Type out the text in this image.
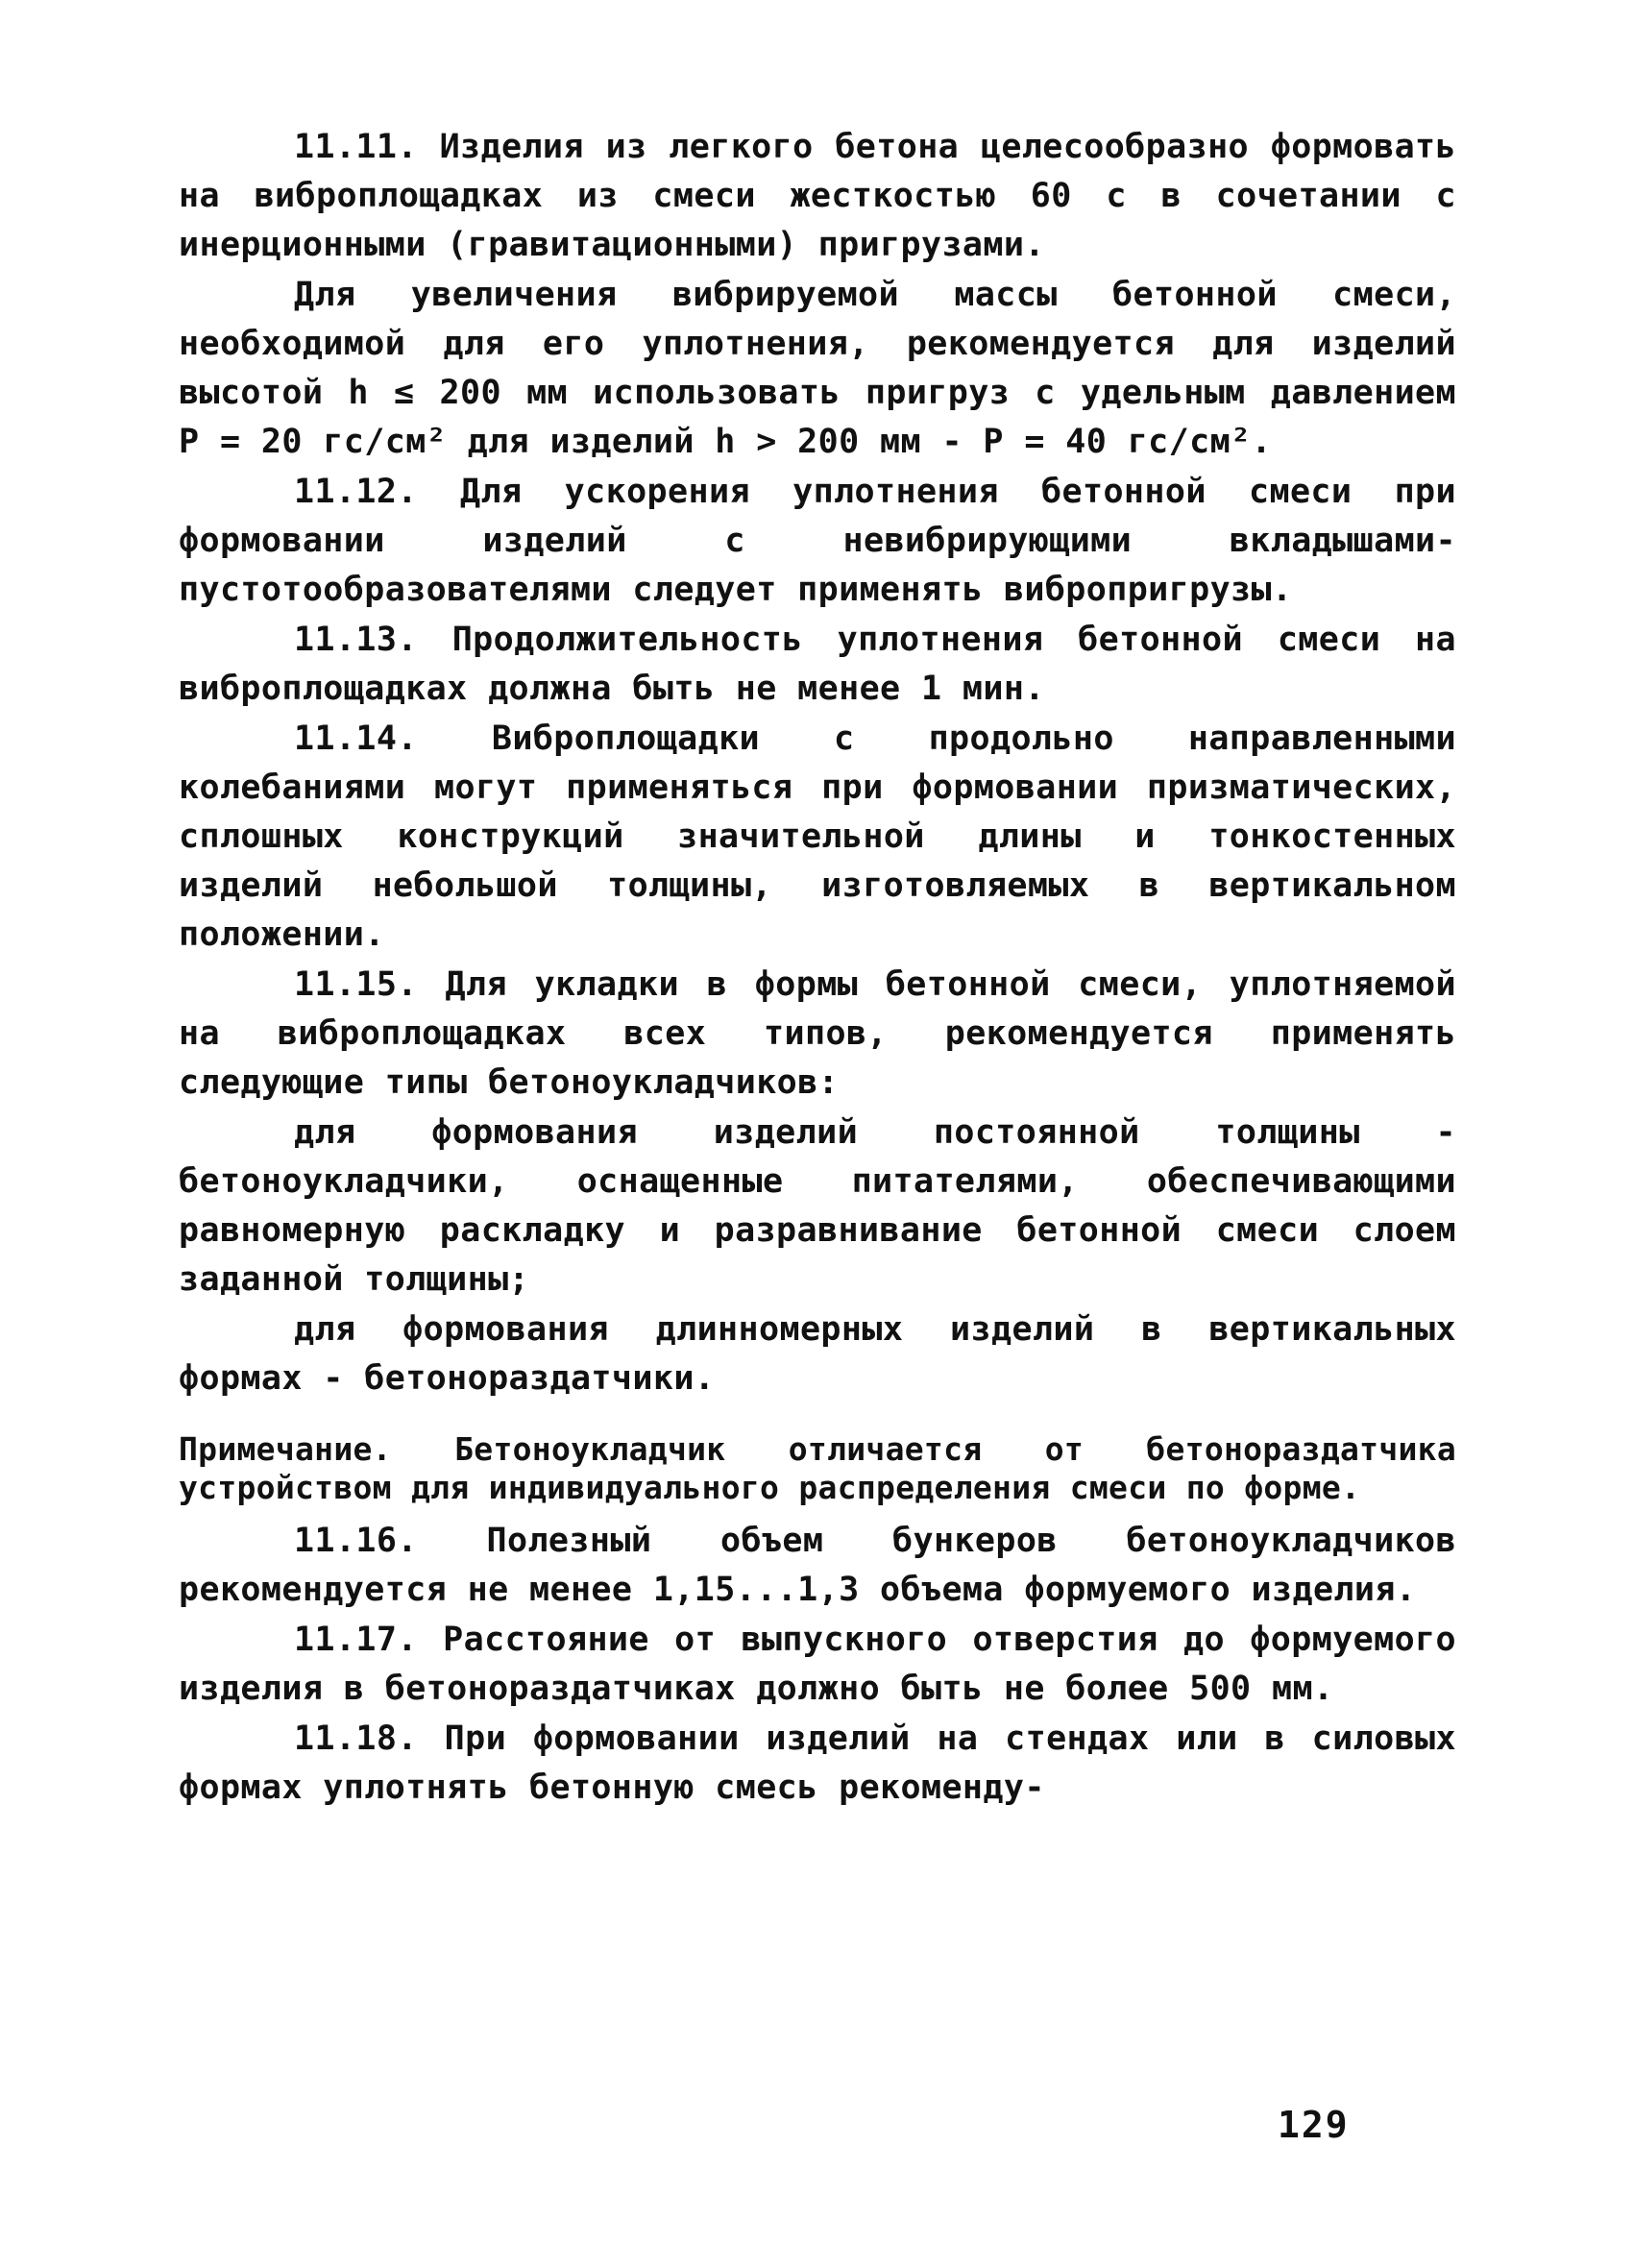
11.11. Изделия из легкого бетона целесообразно формовать на виброплощадках из смеси жесткостью 60 с в сочетании с инерционными (гравитационными) пригрузами.

Для увеличения вибрируемой массы бетонной смеси, необходимой для его уплотнения, рекомендуется для изделий высотой h ≤ 200 мм использовать пригруз с удельным давлением P = 20 гс/см² для изделий h > 200 мм - P = 40 гс/см².

11.12. Для ускорения уплотнения бетонной смеси при формовании изделий с невибрирующими вкладышами-пустотообразователями следует применять вибропригрузы.

11.13. Продолжительность уплотнения бетонной смеси на виброплощадках должна быть не менее 1 мин.

11.14. Виброплощадки с продольно направленными колебаниями могут применяться при формовании призматических, сплошных конструкций значительной длины и тонкостенных изделий небольшой толщины, изготовляемых в вертикальном положении.

11.15. Для укладки в формы бетонной смеси, уплотняемой на виброплощадках всех типов, рекомендуется применять следующие типы бетоноукладчиков:

для формования изделий постоянной толщины - бетоноукладчики, оснащенные питателями, обеспечивающими равномерную раскладку и разравнивание бетонной смеси слоем заданной толщины;

для формования длинномерных изделий в вертикальных формах - бетонораздатчики.

Примечание. Бетоноукладчик отличается от бетонораздатчика устройством для индивидуального распределения смеси по форме.

11.16. Полезный объем бункеров бетоноукладчиков рекомендуется не менее 1,15...1,3 объема формуемого изделия.

11.17. Расстояние от выпускного отверстия до формуемого изделия в бетонораздатчиках должно быть не более 500 мм.

11.18. При формовании изделий на стендах или в силовых формах уплотнять бетонную смесь рекоменду-

129
